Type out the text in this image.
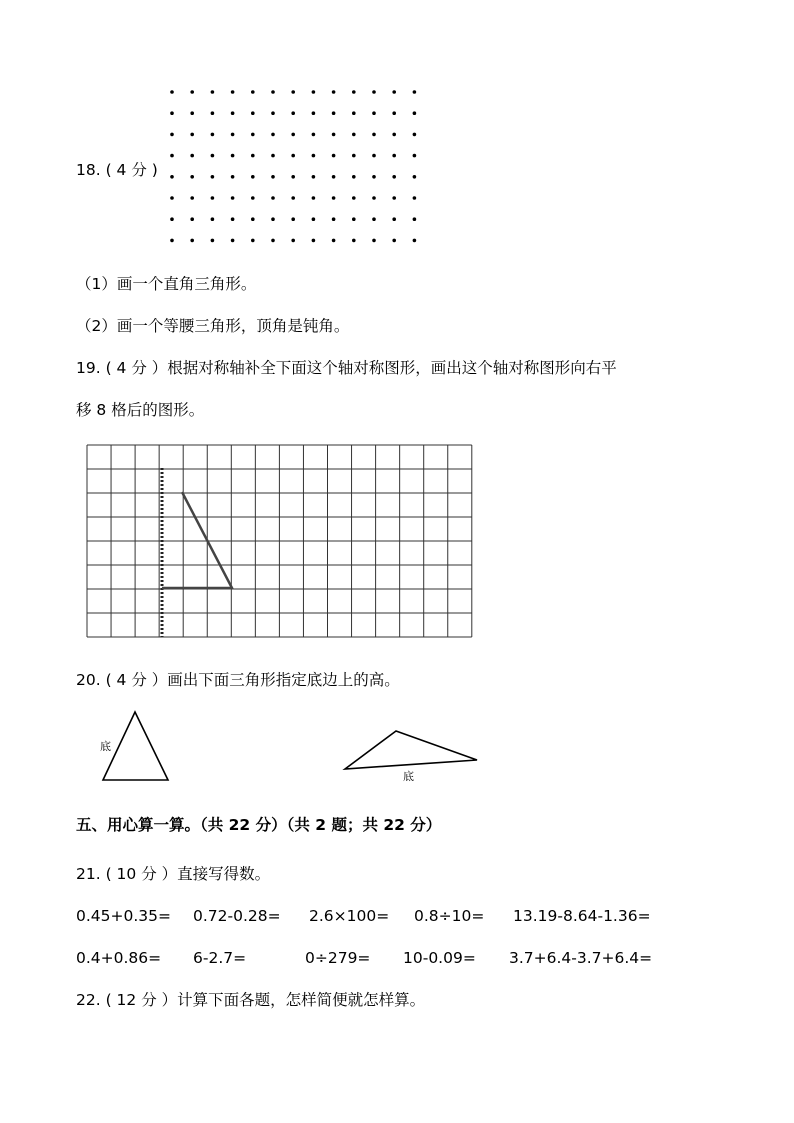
18. ( 4 分 )
（1）画一个直角三角形。
（2）画一个等腰三角形，顶角是钝角。
19. ( 4 分 ）根据对称轴补全下面这个轴对称图形，画出这个轴对称图形向右平
移 8 格后的图形。
20. ( 4 分 ）画出下面三角形指定底边上的高。
底
底
五、用心算一算。（共 22 分）（共 2 题；共 22 分）
21. ( 10 分 ）直接写得数。
0.45+0.35= 0.72-0.28= 2.6×100= 0.8÷10= 13.19-8.64-1.36=
0.4+0.86= 6-2.7=	0÷279= 10-0.09= 3.7+6.4-3.7+6.4=
22. ( 12 分 ）计算下面各题，怎样简便就怎样算。
